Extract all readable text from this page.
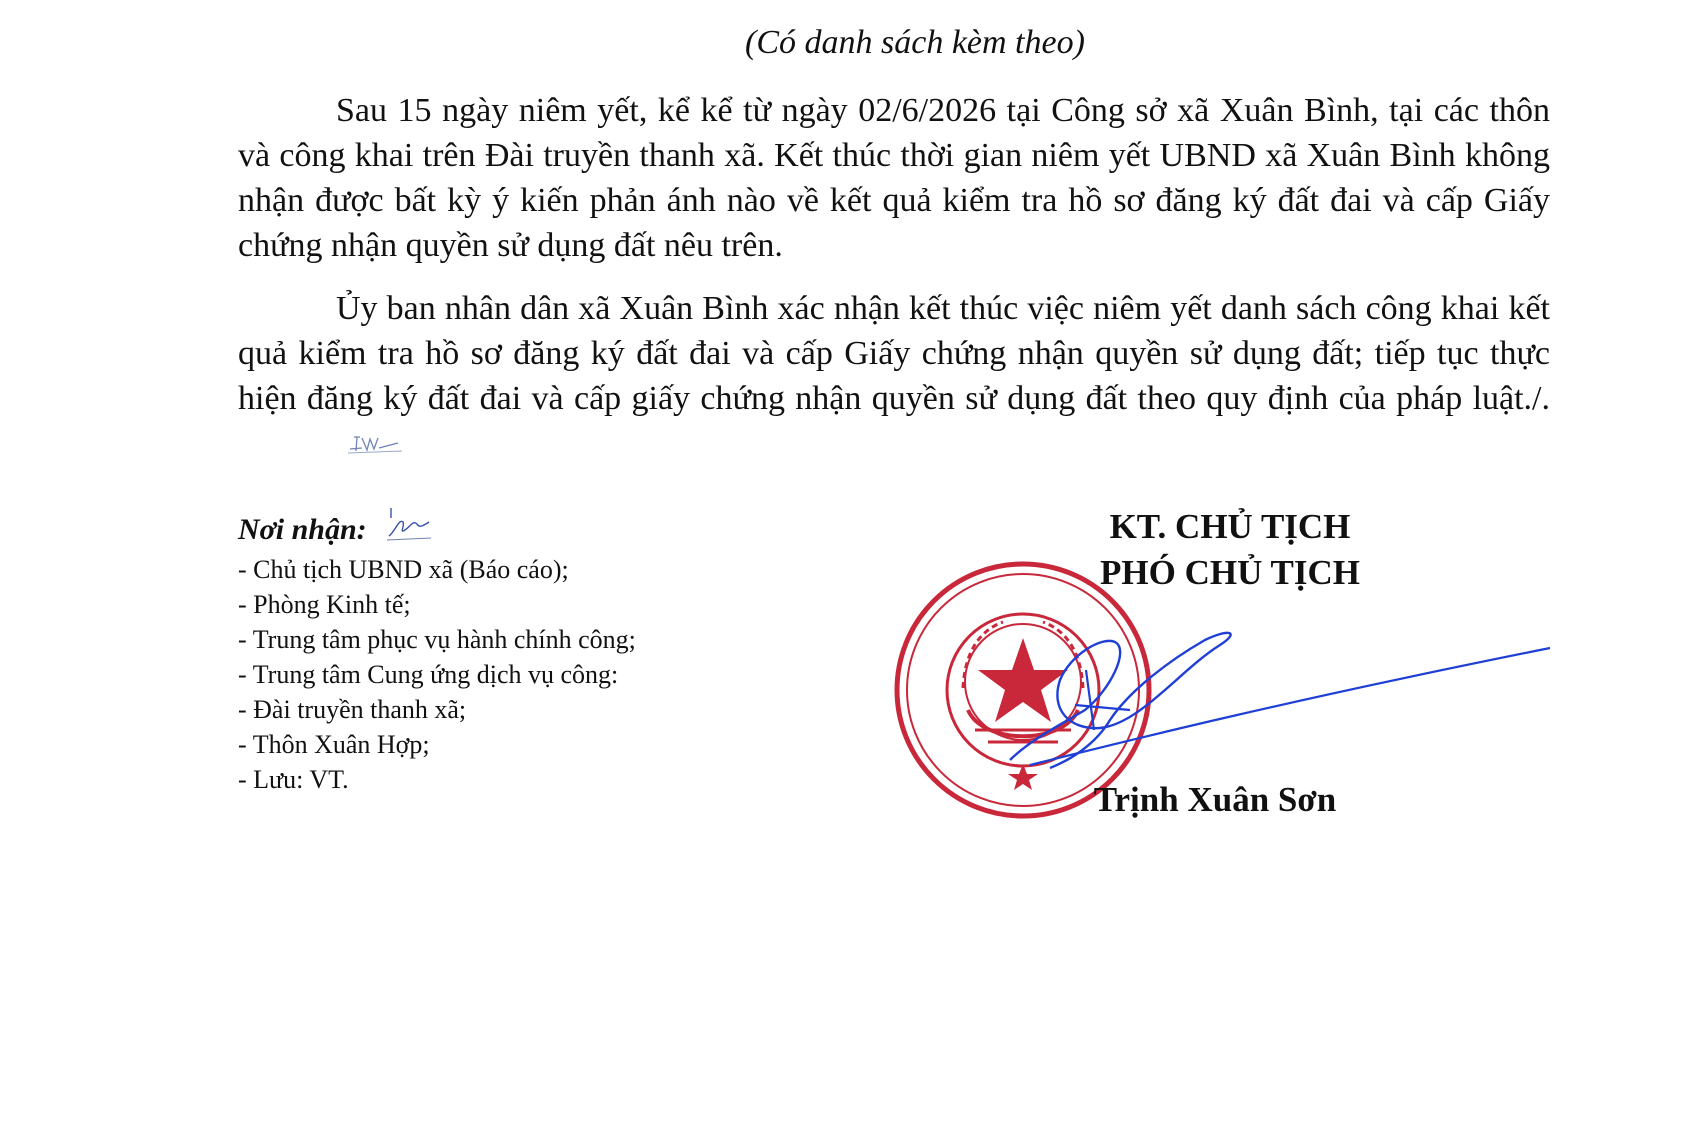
(Có danh sách kèm theo)

Sau 15 ngày niêm yết, kể kể từ ngày 02/6/2026 tại Công sở xã Xuân Bình, tại các thôn và công khai trên Đài truyền thanh xã. Kết thúc thời gian niêm yết UBND xã Xuân Bình không nhận được bất kỳ ý kiến phản ánh nào về kết quả kiểm tra hồ sơ đăng ký đất đai và cấp Giấy chứng nhận quyền sử dụng đất nêu trên.

Ủy ban nhân dân xã Xuân Bình xác nhận kết thúc việc niêm yết danh sách công khai kết quả kiểm tra hồ sơ đăng ký đất đai và cấp Giấy chứng nhận quyền sử dụng đất; tiếp tục thực hiện đăng ký đất đai và cấp giấy chứng nhận quyền sử dụng đất theo quy định của pháp luật./.

Nơi nhận:
- Chủ tịch UBND xã (Báo cáo);
- Phòng Kinh tế;
- Trung tâm phục vụ hành chính công;
- Trung tâm Cung ứng dịch vụ công:
- Đài truyền thanh xã;
- Thôn Xuân Hợp;
- Lưu: VT.
KT. CHỦ TỊCH
PHÓ CHỦ TỊCH
Trịnh Xuân Sơn
